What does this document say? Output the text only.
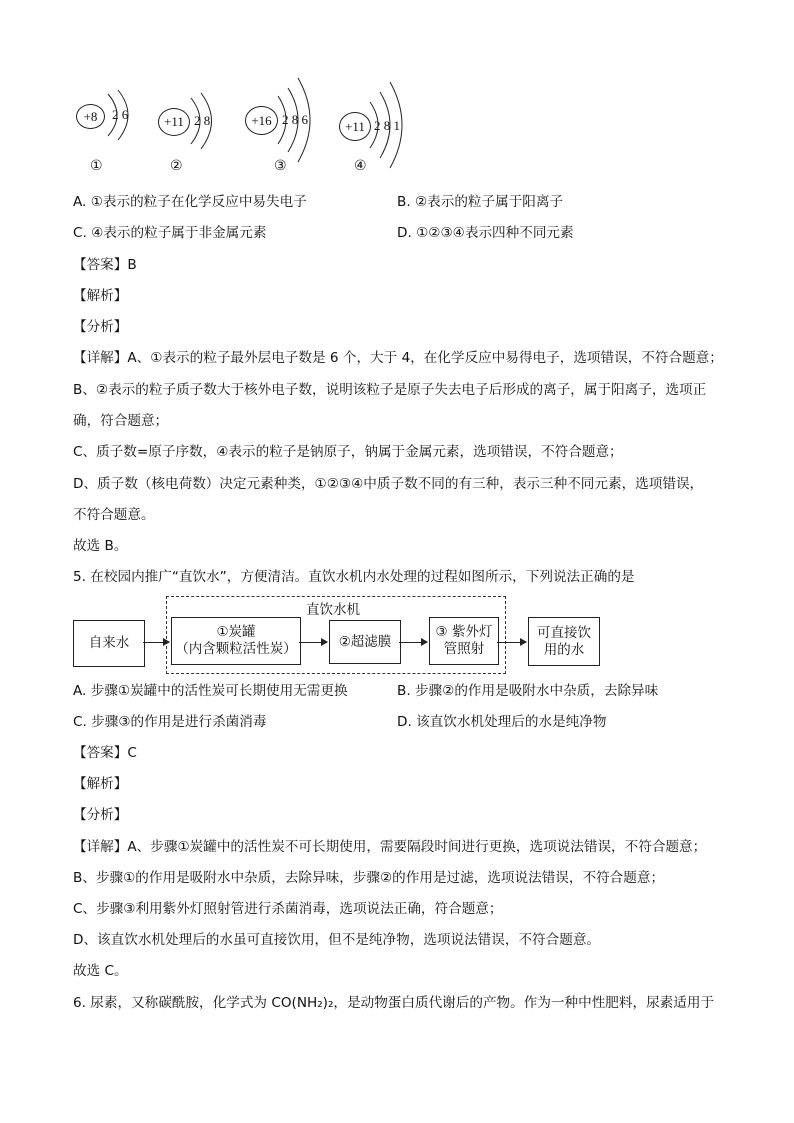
+8	2 6
①
+11 2 8
②
+16 2 8 6
③
+11 2 8 1
④
A. ①表示的粒子在化学反应中易失电子	B. ②表示的粒子属于阳离子
C. ④表示的粒子属于非金属元素	D. ①②③④表示四种不同元素
【答案】B
【解析】
【分析】
【详解】A、①表示的粒子最外层电子数是 6 个，大于 4，在化学反应中易得电子，选项错误，不符合题意；
B、②表示的粒子质子数大于核外电子数，说明该粒子是原子失去电子后形成的离子，属于阳离子，选项正
确，符合题意；
C、质子数=原子序数，④表示的粒子是钠原子，钠属于金属元素，选项错误，不符合题意；
D、质子数（核电荷数）决定元素种类，①②③④中质子数不同的有三种，表示三种不同元素，选项错误，
不符合题意。
故选 B。
5. 在校园内推广“直饮水”，方便清洁。直饮水机内水处理的过程如图所示，下列说法正确的是
直饮水机
自来水
①炭罐
（内含颗粒活性炭）	②超滤膜
③ 紫外灯
管照射
可直接饮
用的水
A. 步骤①炭罐中的活性炭可长期使用无需更换	B. 步骤②的作用是吸附水中杂质，去除异味
C. 步骤③的作用是进行杀菌消毒	D. 该直饮水机处理后的水是纯净物
【答案】C
【解析】
【分析】
【详解】A、步骤①炭罐中的活性炭不可长期使用，需要隔段时间进行更换，选项说法错误，不符合题意；
B、步骤①的作用是吸附水中杂质，去除异味，步骤②的作用是过滤，选项说法错误，不符合题意；
C、步骤③利用紫外灯照射管进行杀菌消毒，选项说法正确，符合题意；
D、该直饮水机处理后的水虽可直接饮用，但不是纯净物，选项说法错误，不符合题意。
故选 C。
6. 尿素，又称碳酰胺，化学式为 CO(NH₂)₂，是动物蛋白质代谢后的产物。作为一种中性肥料，尿素适用于
